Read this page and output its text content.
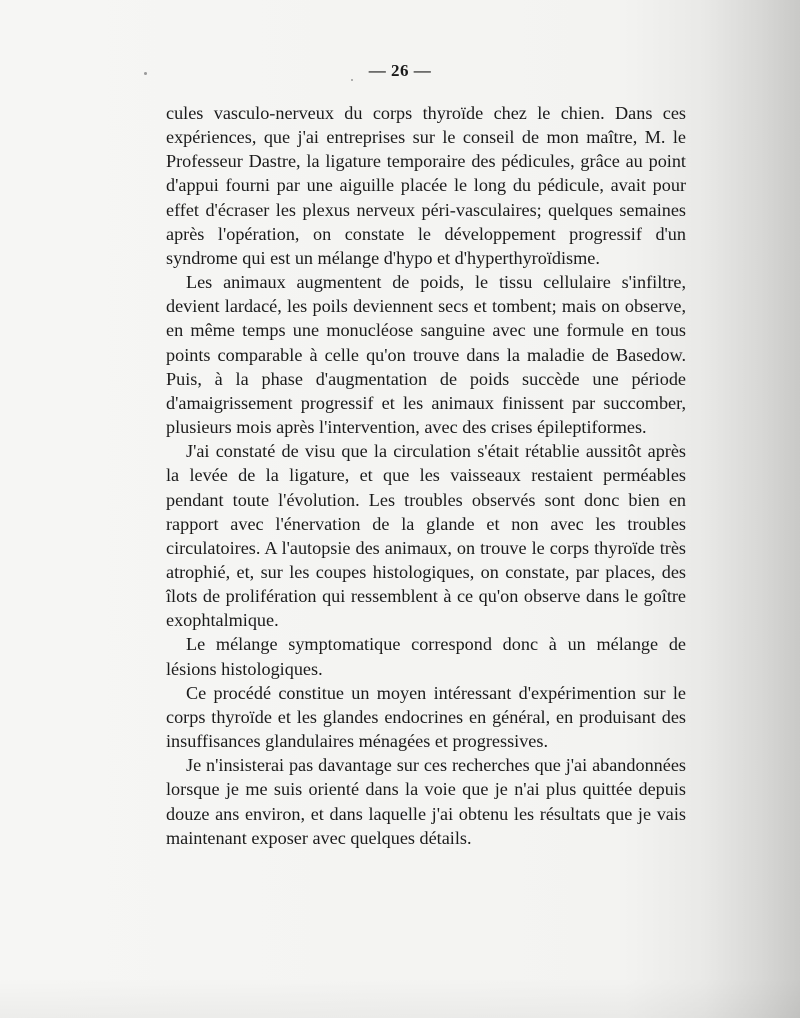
— 26 —

cules vasculo-nerveux du corps thyroïde chez le chien. Dans ces expériences, que j'ai entreprises sur le conseil de mon maître, M. le Professeur Dastre, la ligature temporaire des pédicules, grâce au point d'appui fourni par une aiguille placée le long du pédicule, avait pour effet d'écraser les plexus nerveux péri-vasculaires; quelques semaines après l'opération, on constate le développement progressif d'un syndrome qui est un mélange d'hypo et d'hyperthyroïdisme.

Les animaux augmentent de poids, le tissu cellulaire s'infiltre, devient lardacé, les poils deviennent secs et tombent; mais on observe, en même temps une monucléose sanguine avec une formule en tous points comparable à celle qu'on trouve dans la maladie de Basedow. Puis, à la phase d'augmentation de poids succède une période d'amaigrissement progressif et les animaux finissent par succomber, plusieurs mois après l'intervention, avec des crises épileptiformes.

J'ai constaté de visu que la circulation s'était rétablie aussitôt après la levée de la ligature, et que les vaisseaux restaient perméables pendant toute l'évolution. Les troubles observés sont donc bien en rapport avec l'énervation de la glande et non avec les troubles circulatoires. A l'autopsie des animaux, on trouve le corps thyroïde très atrophié, et, sur les coupes histologiques, on constate, par places, des îlots de prolifération qui ressemblent à ce qu'on observe dans le goître exophtalmique.

Le mélange symptomatique correspond donc à un mélange de lésions histologiques.

Ce procédé constitue un moyen intéressant d'expérimention sur le corps thyroïde et les glandes endocrines en général, en produisant des insuffisances glandulaires ménagées et progressives.

Je n'insisterai pas davantage sur ces recherches que j'ai abandonnées lorsque je me suis orienté dans la voie que je n'ai plus quittée depuis douze ans environ, et dans laquelle j'ai obtenu les résultats que je vais maintenant exposer avec quelques détails.
